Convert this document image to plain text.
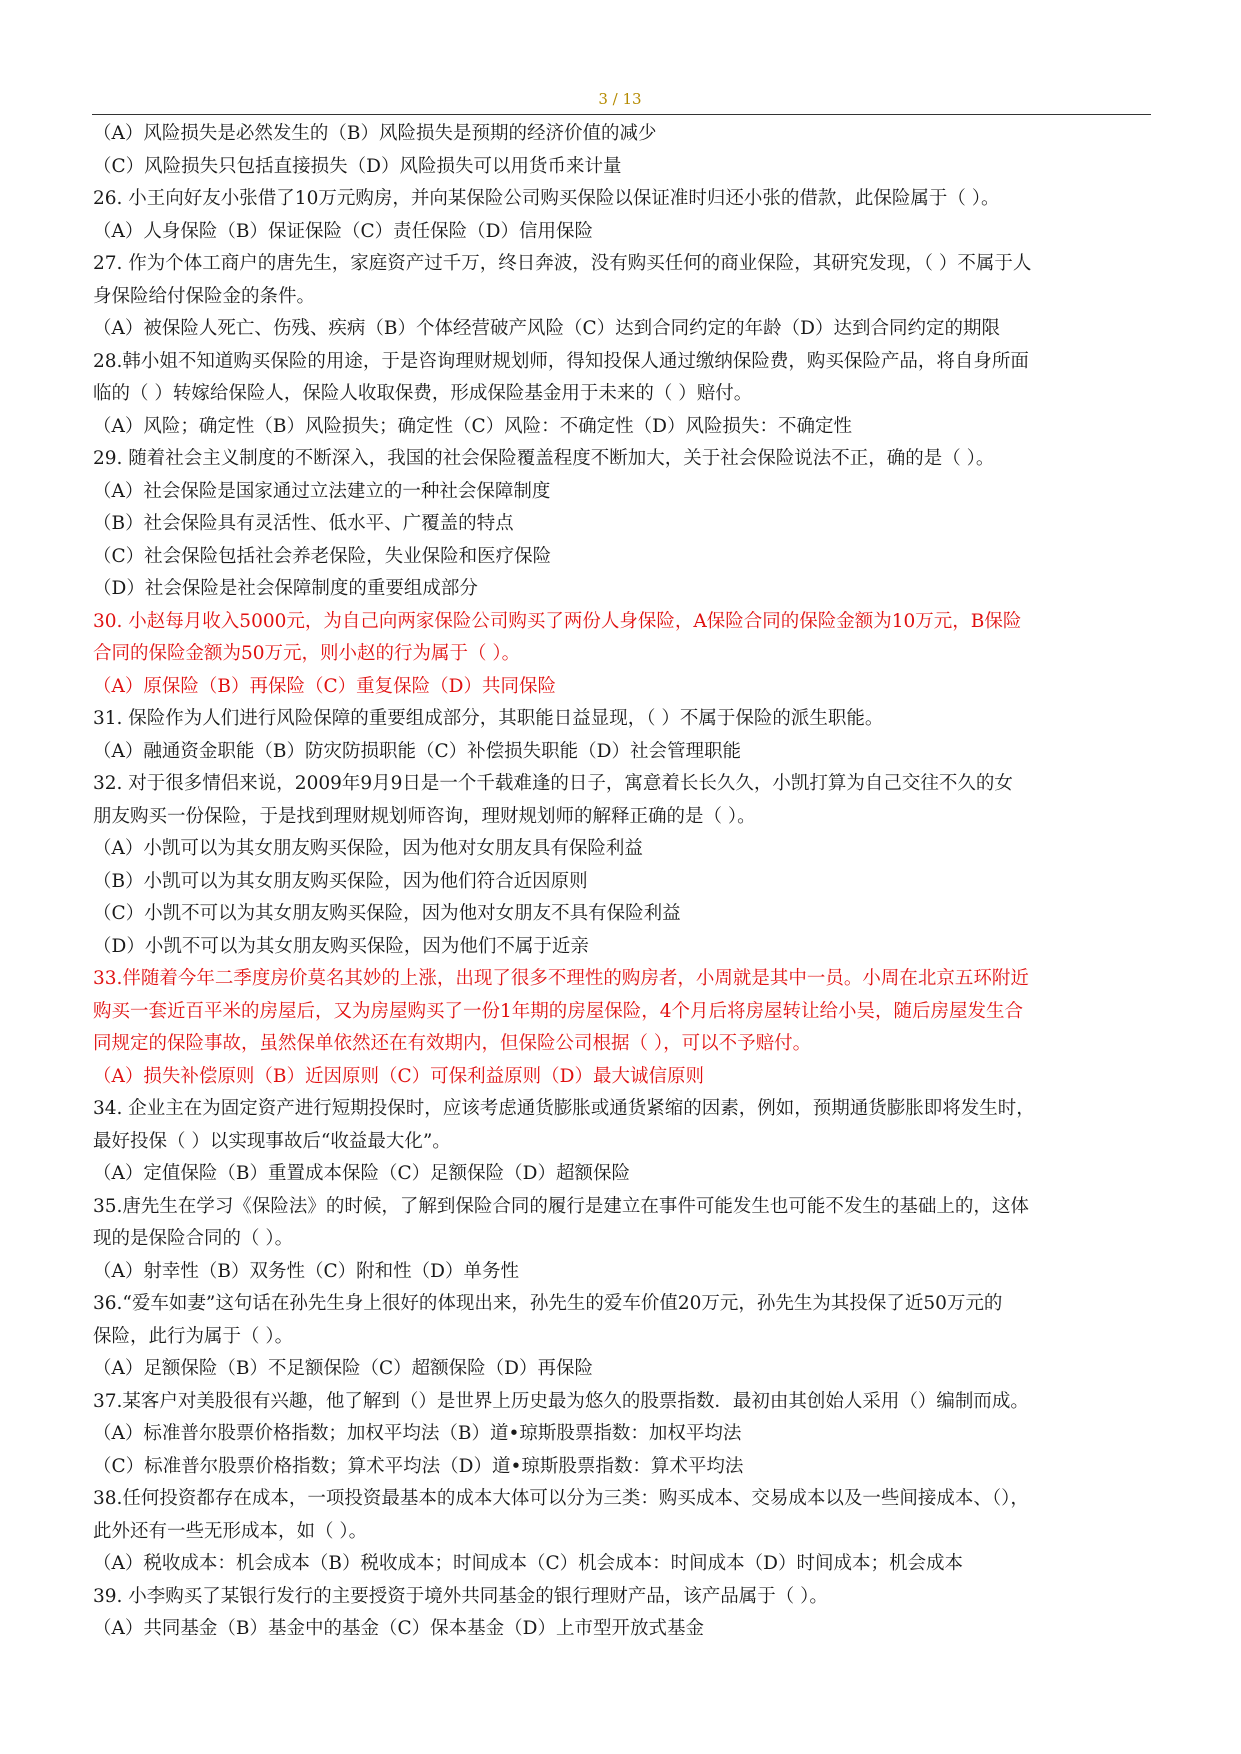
3 / 13
（A）风险损失是必然发生的（B）风险损失是预期的经济价值的减少
（C）风险损失只包括直接损失（D）风险损失可以用货币来计量
26. 小王向好友小张借了10万元购房，并向某保险公司购买保险以保证准时归还小张的借款，此保险属于（ ）。
（A）人身保险（B）保证保险（C）责任保险（D）信用保险
27. 作为个体工商户的唐先生，家庭资产过千万，终日奔波，没有购买任何的商业保险，其研究发现，（ ）不属于人
身保险给付保险金的条件。
（A）被保险人死亡、伤残、疾病（B）个体经营破产风险（C）达到合同约定的年龄（D）达到合同约定的期限
28.韩小姐不知道购买保险的用途，于是咨询理财规划师，得知投保人通过缴纳保险费，购买保险产品，将自身所面
临的（ ）转嫁给保险人，保险人收取保费，形成保险基金用于未来的（ ）赔付。
（A）风险；确定性（B）风险损失；确定性（C）风险：不确定性（D）风险损失：不确定性
29. 随着社会主义制度的不断深入，我国的社会保险覆盖程度不断加大，关于社会保险说法不正，确的是（ ）。
（A）社会保险是国家通过立法建立的一种社会保障制度
（B）社会保险具有灵活性、低水平、广覆盖的特点
（C）社会保险包括社会养老保险，失业保险和医疗保险
（D）社会保险是社会保障制度的重要组成部分
30. 小赵每月收入5000元，为自己向两家保险公司购买了两份人身保险，A保险合同的保险金额为10万元，B保险
合同的保险金额为50万元，则小赵的行为属于（ ）。
（A）原保险（B）再保险（C）重复保险（D）共同保险
31. 保险作为人们进行风险保障的重要组成部分，其职能日益显现，（ ）不属于保险的派生职能。
（A）融通资金职能（B）防灾防损职能（C）补偿损失职能（D）社会管理职能
32. 对于很多情侣来说，2009年9月9日是一个千载难逢的日子，寓意着长长久久，小凯打算为自己交往不久的女
朋友购买一份保险，于是找到理财规划师咨询，理财规划师的解释正确的是（ ）。
（A）小凯可以为其女朋友购买保险，因为他对女朋友具有保险利益
（B）小凯可以为其女朋友购买保险，因为他们符合近因原则
（C）小凯不可以为其女朋友购买保险，因为他对女朋友不具有保险利益
（D）小凯不可以为其女朋友购买保险，因为他们不属于近亲
33.伴随着今年二季度房价莫名其妙的上涨，出现了很多不理性的购房者，小周就是其中一员。小周在北京五环附近
购买一套近百平米的房屋后，又为房屋购买了一份1年期的房屋保险，4个月后将房屋转让给小吴，随后房屋发生合
同规定的保险事故，虽然保单依然还在有效期内，但保险公司根据（ ），可以不予赔付。
（A）损失补偿原则（B）近因原则（C）可保利益原则（D）最大诚信原则
34. 企业主在为固定资产进行短期投保时，应该考虑通货膨胀或通货紧缩的因素，例如，预期通货膨胀即将发生时，
最好投保（ ）以实现事故后“收益最大化”。
（A）定值保险（B）重置成本保险（C）足额保险（D）超额保险
35.唐先生在学习《保险法》的时候，了解到保险合同的履行是建立在事件可能发生也可能不发生的基础上的，这体
现的是保险合同的（ ）。
（A）射幸性（B）双务性（C）附和性（D）单务性
36.“爱车如妻”这句话在孙先生身上很好的体现出来，孙先生的爱车价值20万元，孙先生为其投保了近50万元的
保险，此行为属于（ ）。
（A）足额保险（B）不足额保险（C）超额保险（D）再保险
37.某客户对美股很有兴趣，他了解到（）是世界上历史最为悠久的股票指数．最初由其创始人采用（）编制而成。
（A）标准普尔股票价格指数；加权平均法（B）道•琼斯股票指数：加权平均法
（C）标准普尔股票价格指数；算术平均法（D）道•琼斯股票指数：算术平均法
38.任何投资都存在成本，一项投资最基本的成本大体可以分为三类：购买成本、交易成本以及一些间接成本、（），
此外还有一些无形成本，如（ ）。
（A）税收成本：机会成本（B）税收成本；时间成本（C）机会成本：时间成本（D）时间成本；机会成本
39. 小李购买了某银行发行的主要授资于境外共同基金的银行理财产品，该产品属于（ ）。
（A）共同基金（B）基金中的基金（C）保本基金（D）上市型开放式基金
